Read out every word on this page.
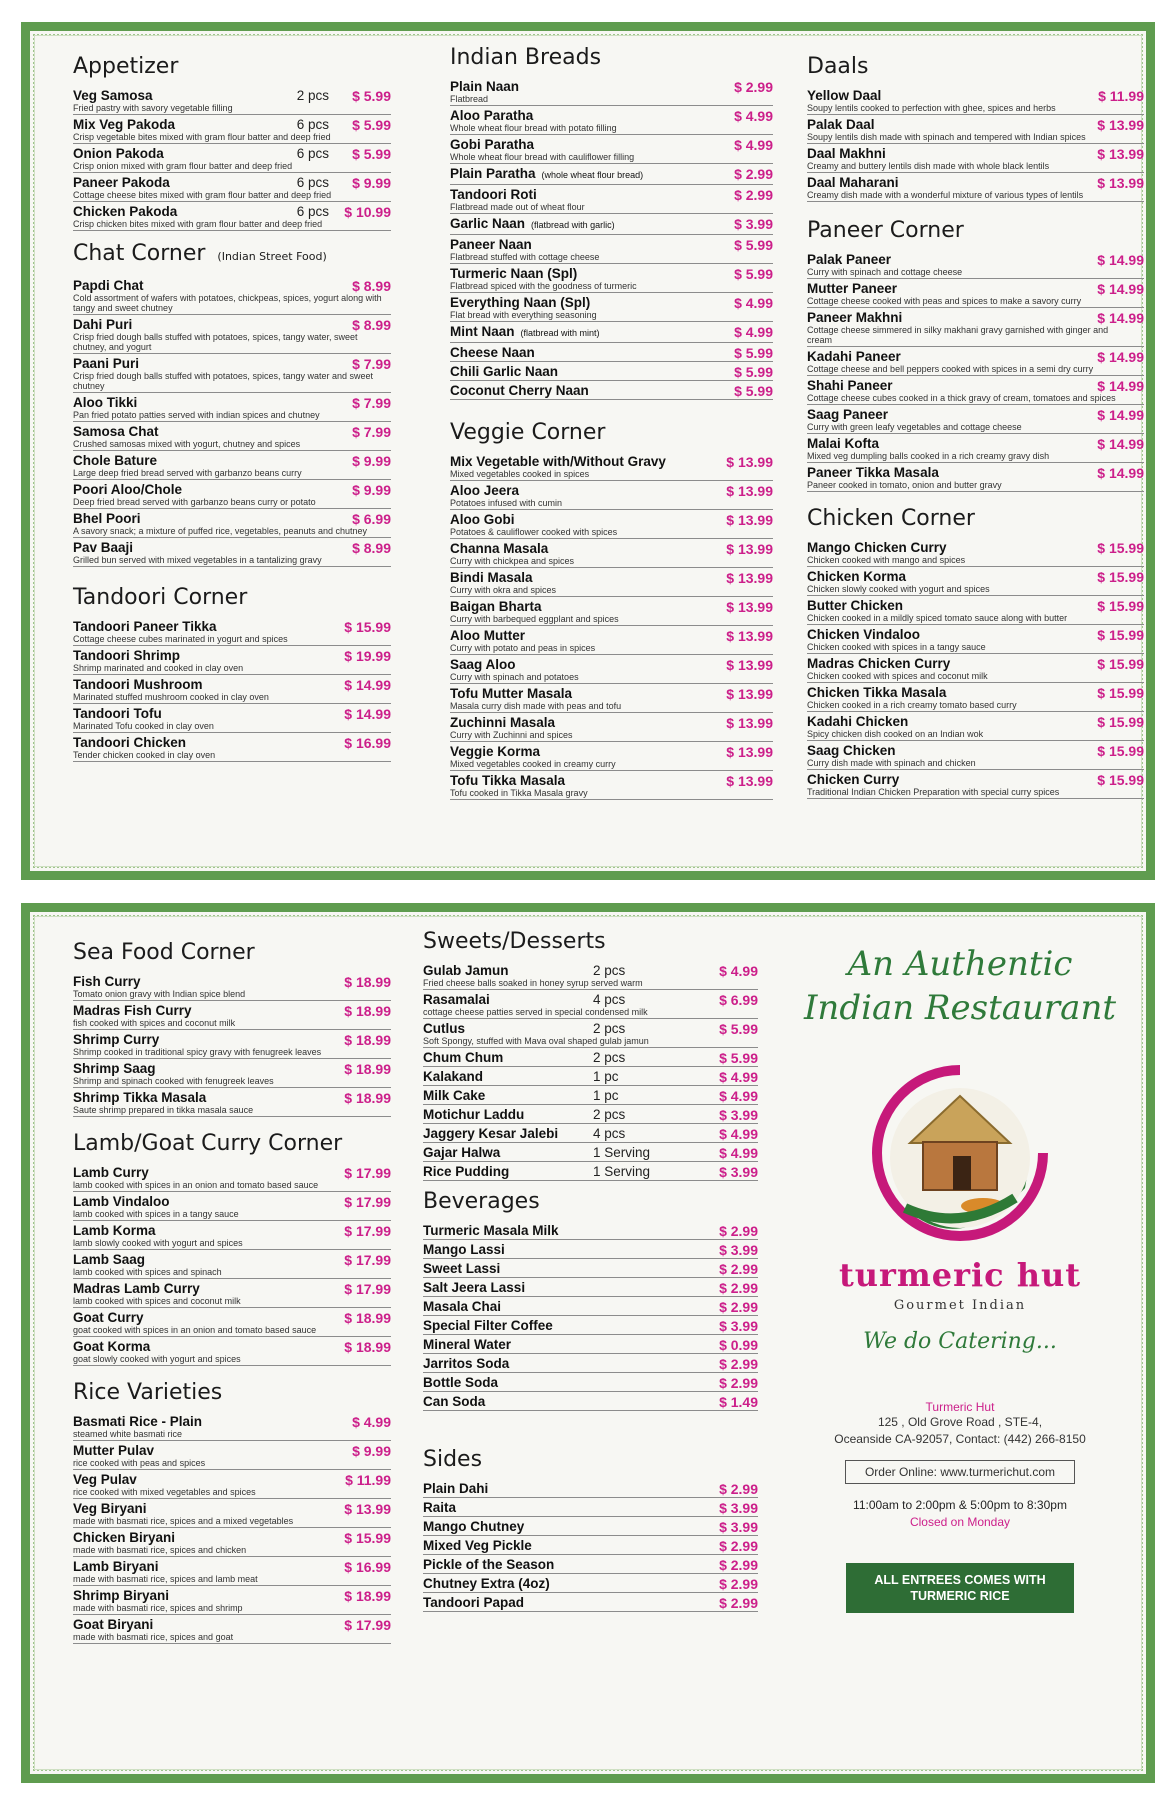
Appetizer
Veg Samosa
Fried pastry with savory vegetable filling
2 pcs $ 5.99
Mix Veg Pakoda
Crisp vegetable bites mixed with gram flour batter and deep fried
6 pcs $ 5.99
Onion Pakoda
Crisp onion mixed with gram flour batter and deep fried
6 pcs $ 5.99
Paneer Pakoda
Cottage cheese bites mixed with gram flour batter and deep fried
6 pcs $ 9.99
Chicken Pakoda
Crisp chicken bites mixed with gram flour batter and deep fried
6 pcs $ 10.99
Chat Corner (Indian Street Food)
Papdi Chat
Cold assortment of wafers with potatoes, chickpeas, spices, yogurt along with tangy and sweet chutney
$ 8.99
Dahi Puri
Crisp fried dough balls stuffed with potatoes, spices, tangy water, sweet chutney, and yogurt
$ 8.99
Paani Puri
Crisp fried dough balls stuffed with potatoes, spices, tangy water and sweet chutney
$ 7.99
Aloo Tikki
Pan fried potato patties served with indian spices and chutney
$ 7.99
Samosa Chat
Crushed samosas mixed with yogurt, chutney and spices
$ 7.99
Chole Bature
Large deep fried bread served with garbanzo beans curry
$ 9.99
Poori Aloo/Chole
Deep fried bread served with garbanzo beans curry or potato
$ 9.99
Bhel Poori
A savory snack; a mixture of puffed rice, vegetables, peanuts and chutney
$ 6.99
Pav Baaji
Grilled bun served with mixed vegetables in a tantalizing gravy
$ 8.99
Tandoori Corner
Tandoori Paneer Tikka
Cottage cheese cubes marinated in yogurt and spices
$ 15.99
Tandoori Shrimp
Shrimp marinated and cooked in clay oven
$ 19.99
Tandoori Mushroom
Marinated stuffed mushroom cooked in clay oven
$ 14.99
Tandoori Tofu
Marinated Tofu cooked in clay oven
$ 14.99
Tandoori Chicken
Tender chicken cooked in clay oven
$ 16.99
Indian Breads
Plain Naan
Flatbread
$ 2.99
Aloo Paratha
Whole wheat flour bread with potato filling
$ 4.99
Gobi Paratha
Whole wheat flour bread with cauliflower filling
$ 4.99
Plain Paratha (whole wheat flour bread)	$ 2.99
Tandoori Roti
Flatbread made out of wheat flour
$ 2.99
Garlic Naan (flatbread with garlic)	$ 3.99
Paneer Naan
Flatbread stuffed with cottage cheese
$ 5.99
Turmeric Naan (Spl)
Flatbread spiced with the goodness of turmeric
$ 5.99
Everything Naan (Spl)
Flat bread with everything seasoning
$ 4.99
Mint Naan (flatbread with mint)	$ 4.99
Cheese Naan	$ 5.99
Chili Garlic Naan	$ 5.99
Coconut Cherry Naan	$ 5.99
Veggie Corner
Mix Vegetable with/Without Gravy
Mixed vegetables cooked in spices
$ 13.99
Aloo Jeera
Potatoes infused with cumin
$ 13.99
Aloo Gobi
Potatoes & cauliflower cooked with spices
$ 13.99
Channa Masala
Curry with chickpea and spices
$ 13.99
Bindi Masala
Curry with okra and spices
$ 13.99
Baigan Bharta
Curry with barbequed eggplant and spices
$ 13.99
Aloo Mutter
Curry with potato and peas in spices
$ 13.99
Saag Aloo
Curry with spinach and potatoes
$ 13.99
Tofu Mutter Masala
Masala curry dish made with peas and tofu
$ 13.99
Zuchinni Masala
Curry with Zuchinni and spices
$ 13.99
Veggie Korma
Mixed vegetables cooked in creamy curry
$ 13.99
Tofu Tikka Masala
Tofu cooked in Tikka Masala gravy
$ 13.99
Daals
Yellow Daal
Soupy lentils cooked to perfection with ghee, spices and herbs
$ 11.99
Palak Daal
Soupy lentils dish made with spinach and tempered with Indian spices
$ 13.99
Daal Makhni
Creamy and buttery lentils dish made with whole black lentils
$ 13.99
Daal Maharani
Creamy dish made with a wonderful mixture of various types of lentils
$ 13.99
Paneer Corner
Palak Paneer
Curry with spinach and cottage cheese
$ 14.99
Mutter Paneer
Cottage cheese cooked with peas and spices to make a savory curry
$ 14.99
Paneer Makhni
Cottage cheese simmered in silky makhani gravy garnished with ginger and cream
$ 14.99
Kadahi Paneer
Cottage cheese and bell peppers cooked with spices in a semi dry curry
$ 14.99
Shahi Paneer
Cottage cheese cubes cooked in a thick gravy of cream, tomatoes and spices
$ 14.99
Saag Paneer
Curry with green leafy vegetables and cottage cheese
$ 14.99
Malai Kofta
Mixed veg dumpling balls cooked in a rich creamy gravy dish
$ 14.99
Paneer Tikka Masala
Paneer cooked in tomato, onion and butter gravy
$ 14.99
Chicken Corner
Mango Chicken Curry
Chicken cooked with mango and spices
$ 15.99
Chicken Korma
Chicken slowly cooked with yogurt and spices
$ 15.99
Butter Chicken
Chicken cooked in a mildly spiced tomato sauce along with butter
$ 15.99
Chicken Vindaloo
Chicken cooked with spices in a tangy sauce
$ 15.99
Madras Chicken Curry
Chicken cooked with spices and coconut milk
$ 15.99
Chicken Tikka Masala
Chicken cooked in a rich creamy tomato based curry
$ 15.99
Kadahi Chicken
Spicy chicken dish cooked on an Indian wok
$ 15.99
Saag Chicken
Curry dish made with spinach and chicken
$ 15.99
Chicken Curry
Traditional Indian Chicken Preparation with special curry spices
$ 15.99
Sea Food Corner
Fish Curry
Tomato onion gravy with Indian spice blend
$ 18.99
Madras Fish Curry
fish cooked with spices and coconut milk
$ 18.99
Shrimp Curry
Shrimp cooked in traditional spicy gravy with fenugreek leaves
$ 18.99
Shrimp Saag
Shrimp and spinach cooked with fenugreek leaves
$ 18.99
Shrimp Tikka Masala
Saute shrimp prepared in tikka masala sauce
$ 18.99
Lamb/Goat Curry Corner
Lamb Curry
lamb cooked with spices in an onion and tomato based sauce
$ 17.99
Lamb Vindaloo
lamb cooked with spices in a tangy sauce
$ 17.99
Lamb Korma
lamb slowly cooked with yogurt and spices
$ 17.99
Lamb Saag
lamb cooked with spices and spinach
$ 17.99
Madras Lamb Curry
lamb cooked with spices and coconut milk
$ 17.99
Goat Curry
goat cooked with spices in an onion and tomato based sauce
$ 18.99
Goat Korma
goat slowly cooked with yogurt and spices
$ 18.99
Rice Varieties
Basmati Rice - Plain
steamed white basmati rice
$ 4.99
Mutter Pulav
rice cooked with peas and spices
$ 9.99
Veg Pulav
rice cooked with mixed vegetables and spices
$ 11.99
Veg Biryani
made with basmati rice, spices and a mixed vegetables
$ 13.99
Chicken Biryani
made with basmati rice, spices and chicken
$ 15.99
Lamb Biryani
made with basmati rice, spices and lamb meat
$ 16.99
Shrimp Biryani
made with basmati rice, spices and shrimp
$ 18.99
Goat Biryani
made with basmati rice, spices and goat
$ 17.99
Sweets/Desserts
Gulab Jamun
Fried cheese balls soaked in honey syrup served warm
2 pcs	$ 4.99
Rasamalai
cottage cheese patties served in special condensed milk
4 pcs	$ 6.99
Cutlus
Soft Spongy, stuffed with Mava oval shaped gulab jamun
2 pcs	$ 5.99
Chum Chum	2 pcs	$ 5.99
Kalakand	1 pc	$ 4.99
Milk Cake	1 pc	$ 4.99
Motichur Laddu	2 pcs	$ 3.99
Jaggery Kesar Jalebi	4 pcs	$ 4.99
Gajar Halwa	1 Serving	$ 4.99
Rice Pudding	1 Serving	$ 3.99
Beverages
Turmeric Masala Milk	$ 2.99
Mango Lassi	$ 3.99
Sweet Lassi	$ 2.99
Salt Jeera Lassi	$ 2.99
Masala Chai	$ 2.99
Special Filter Coffee	$ 3.99
Mineral Water	$ 0.99
Jarritos Soda	$ 2.99
Bottle Soda	$ 2.99
Can Soda	$ 1.49
Sides
Plain Dahi	$ 2.99
Raita	$ 3.99
Mango Chutney	$ 3.99
Mixed Veg Pickle	$ 2.99
Pickle of the Season	$ 2.99
Chutney Extra (4oz)	$ 2.99
Tandoori Papad	$ 2.99
An Authentic
Indian Restaurant
turmeric hut
Gourmet Indian
We do Catering...
Turmeric Hut
125 , Old Grove Road , STE-4,
Oceanside CA-92057, Contact: (442) 266-8150
Order Online: www.turmerichut.com
11:00am to 2:00pm & 5:00pm to 8:30pm
Closed on Monday
ALL ENTREES COMES WITH TURMERIC RICE
